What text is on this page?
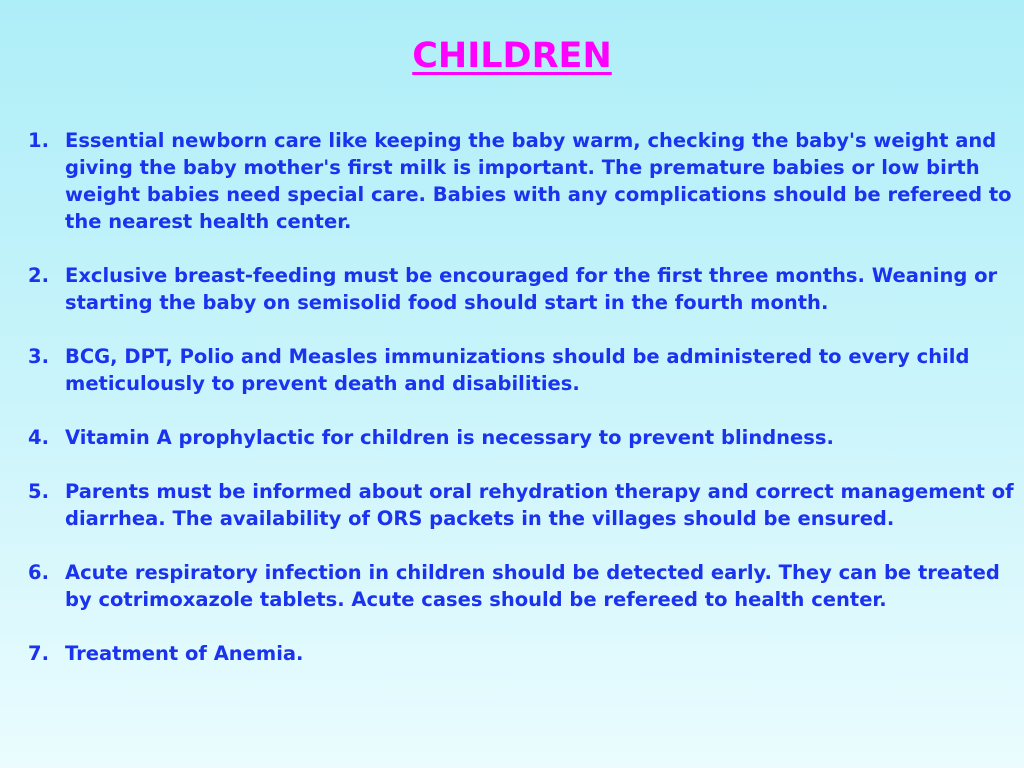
CHILDREN
1. Essential newborn care like keeping the baby warm, checking the baby's weight and giving the baby mother's first milk is important. The premature babies or low birth weight babies need special care. Babies with any complications should be refereed to the nearest health center.
2. Exclusive breast-feeding must be encouraged for the first three months. Weaning or starting the baby on semisolid food should start in the fourth month.
3. BCG, DPT, Polio and Measles immunizations should be administered to every child meticulously to prevent death and disabilities.
4. Vitamin A prophylactic for children is necessary to prevent blindness.
5. Parents must be informed about oral rehydration therapy and correct management of diarrhea. The availability of ORS packets in the villages should be ensured.
6. Acute respiratory infection in children should be detected early. They can be treated by cotrimoxazole tablets. Acute cases should be refereed to health center.
7. Treatment of Anemia.
